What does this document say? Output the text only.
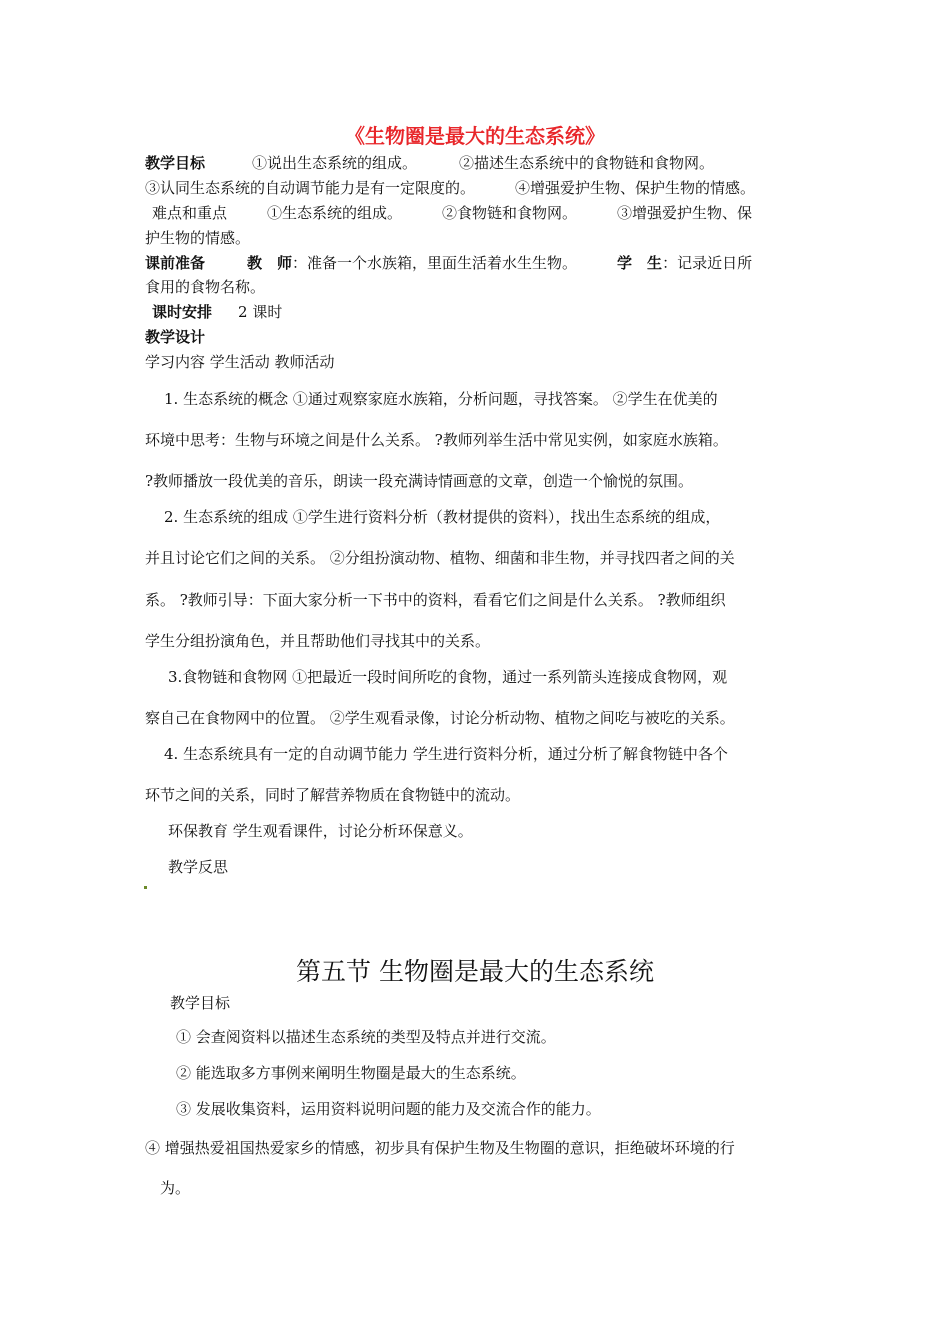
《生物圈是最大的生态系统》
教学目标	①说出生态系统的组成。	②描述生态系统中的食物链和食物网。
③认同生态系统的自动调节能力是有一定限度的。	④增强爱护生物、保护生物的情感。
难点和重点	①生态系统的组成。	②食物链和食物网。	③增强爱护生物、保
护生物的情感。
课前准备	教　师：准备一个水族箱，里面生活着水生生物。	学　生：记录近日所
食用的食物名称。
课时安排 2 课时
教学设计
学习内容 学生活动 教师活动
1. 生态系统的概念 ①通过观察家庭水族箱，分析问题，寻找答案。 ②学生在优美的
环境中思考：生物与环境之间是什么关系。 ?教师列举生活中常见实例，如家庭水族箱。
?教师播放一段优美的音乐，朗读一段充满诗情画意的文章，创造一个愉悦的氛围。
2. 生态系统的组成 ①学生进行资料分析（教材提供的资料），找出生态系统的组成，
并且讨论它们之间的关系。 ②分组扮演动物、植物、细菌和非生物，并寻找四者之间的关
系。 ?教师引导：下面大家分析一下书中的资料，看看它们之间是什么关系。 ?教师组织
学生分组扮演角色，并且帮助他们寻找其中的关系。
3.食物链和食物网 ①把最近一段时间所吃的食物，通过一系列箭头连接成食物网，观
察自己在食物网中的位置。 ②学生观看录像，讨论分析动物、植物之间吃与被吃的关系。
4. 生态系统具有一定的自动调节能力 学生进行资料分析，通过分析了解食物链中各个
环节之间的关系，同时了解营养物质在食物链中的流动。
环保教育 学生观看课件，讨论分析环保意义。
教学反思
第五节 生物圈是最大的生态系统
教学目标
① 会查阅资料以描述生态系统的类型及特点并进行交流。
② 能选取多方事例来阐明生物圈是最大的生态系统。
③ 发展收集资料，运用资料说明问题的能力及交流合作的能力。
④ 增强热爱祖国热爱家乡的情感，初步具有保护生物及生物圈的意识，拒绝破坏环境的行
为。
